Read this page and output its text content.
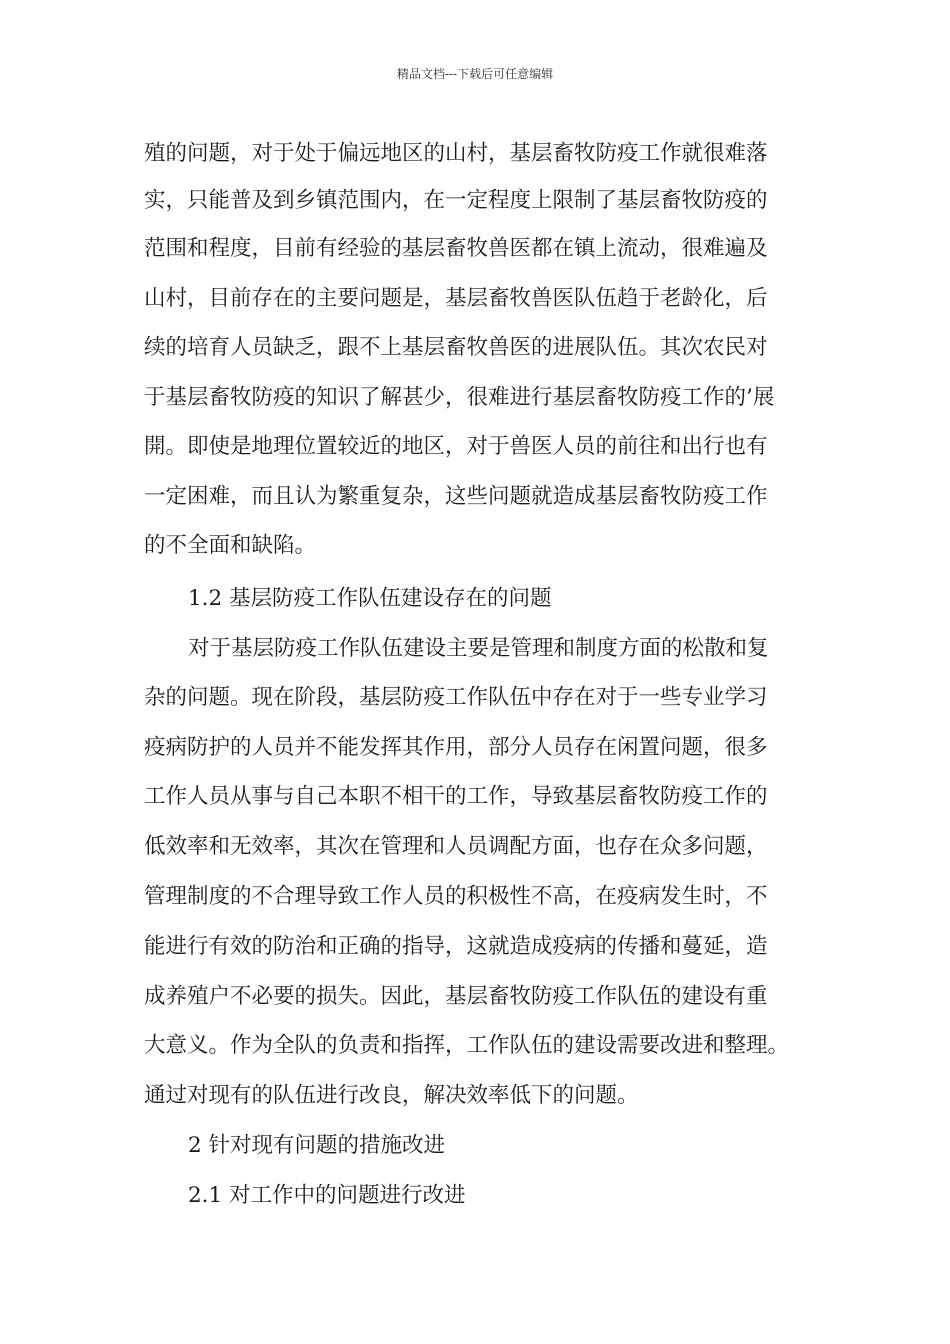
精品文档---下载后可任意编辑
殖的问题，对于处于偏远地区的山村，基层畜牧防疫工作就很难落
实，只能普及到乡镇范围内，在一定程度上限制了基层畜牧防疫的
范围和程度，目前有经验的基层畜牧兽医都在镇上流动，很难遍及
山村，目前存在的主要问题是，基层畜牧兽医队伍趋于老龄化，后
续的培育人员缺乏，跟不上基层畜牧兽医的进展队伍。其次农民对
于基层畜牧防疫的知识了解甚少，很难进行基层畜牧防疫工作的’展
開。即使是地理位置较近的地区，对于兽医人员的前往和出行也有
一定困难，而且认为繁重复杂，这些问题就造成基层畜牧防疫工作
的不全面和缺陷。
1.2 基层防疫工作队伍建设存在的问题
对于基层防疫工作队伍建设主要是管理和制度方面的松散和复
杂的问题。现在阶段，基层防疫工作队伍中存在对于一些专业学习
疫病防护的人员并不能发挥其作用，部分人员存在闲置问题，很多
工作人员从事与自己本职不相干的工作，导致基层畜牧防疫工作的
低效率和无效率，其次在管理和人员调配方面，也存在众多问题，
管理制度的不合理导致工作人员的积极性不高，在疫病发生时，不
能进行有效的防治和正确的指导，这就造成疫病的传播和蔓延，造
成养殖户不必要的损失。因此，基层畜牧防疫工作队伍的建设有重
大意义。作为全队的负责和指挥，工作队伍的建设需要改进和整理。
通过对现有的队伍进行改良，解决效率低下的问题。
2 针对现有问题的措施改进
2.1 对工作中的问题进行改进
